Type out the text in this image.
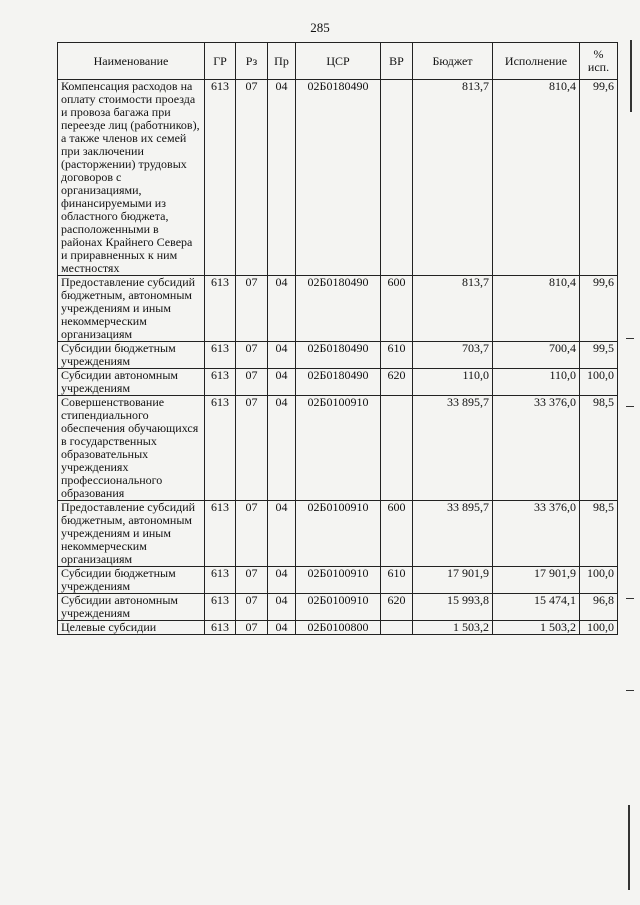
285
Наименование	ГР	Рз	Пр	ЦСР	ВР	Бюджет	Исполнение	% исп.
Компенсация расходов на оплату стоимости проезда и провоза багажа при переезде лиц (работников), а также членов их семей при заключении (расторжении) трудовых договоров с организациями, финансируемыми из областного бюджета, расположенными в районах Крайнего Севера и приравненных к ним местностях	613	07	04	02Б0180490		813,7	810,4	99,6
Предоставление субсидий бюджетным, автономным учреждениям и иным некоммерческим организациям	613	07	04	02Б0180490	600	813,7	810,4	99,6
Субсидии бюджетным учреждениям	613	07	04	02Б0180490	610	703,7	700,4	99,5
Субсидии автономным учреждениям	613	07	04	02Б0180490	620	110,0	110,0	100,0
Совершенствование стипендиального обеспечения обучающихся в государственных образовательных учреждениях профессионального образования	613	07	04	02Б0100910		33 895,7	33 376,0	98,5
Предоставление субсидий бюджетным, автономным учреждениям и иным некоммерческим организациям	613	07	04	02Б0100910	600	33 895,7	33 376,0	98,5
Субсидии бюджетным учреждениям	613	07	04	02Б0100910	610	17 901,9	17 901,9	100,0
Субсидии автономным учреждениям	613	07	04	02Б0100910	620	15 993,8	15 474,1	96,8
Целевые субсидии	613	07	04	02Б0100800		1 503,2	1 503,2	100,0
